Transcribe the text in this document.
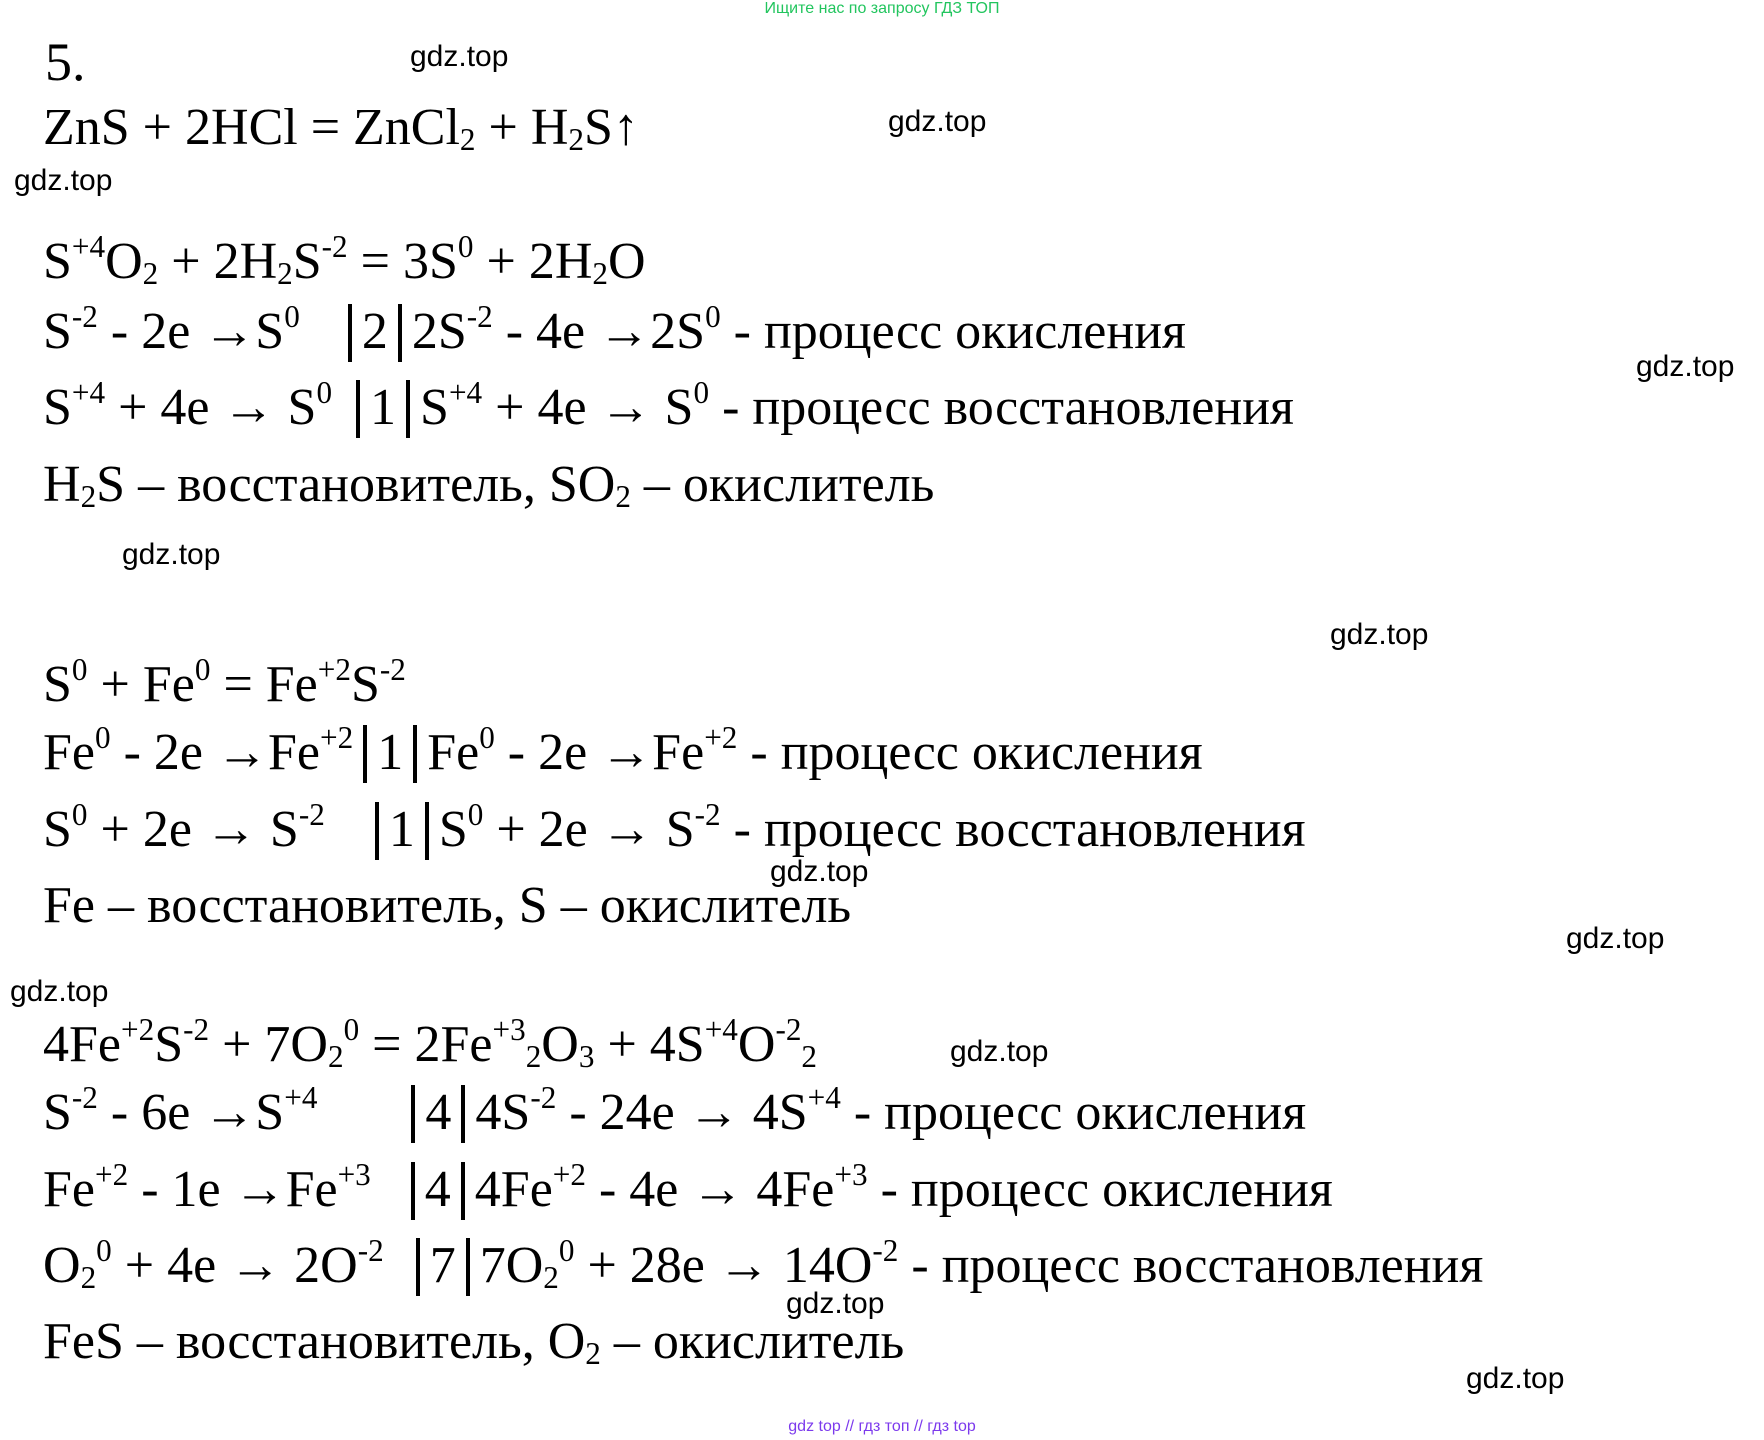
Ищите нас по запросу ГДЗ ТОП
gdz.top
gdz.top
gdz.top
gdz.top
gdz.top
gdz.top
gdz.top
gdz.top
gdz.top
gdz.top
gdz.top
gdz.top
5.
ZnS + 2HCl = ZnCl$_2$ + $H_2S↑$
$S^{+4}O_2 + 2H_2S^{-2} = 3S^0 + 2H_2O$
$S^{-2} - 2e \to S^0$ 2 $2S^{-2} - 4e \to 2S^0$ - процесс окисления
$S^{+4} + 4e \to S^0$ 1 $S^{+4} + 4e \to S^0$ - процесс восстановления
$H_2S$ – восстановитель, $SO_2$ – окислитель
$S^0 + Fe^0 = Fe^{+2}S^{-2}$
$Fe^0 - 2e \to Fe^{+2}$ 1 $Fe^0 - 2e \to Fe^{+2}$ - процесс окисления
$S^0 + 2e \to S^{-2}$ 1 $S^0 + 2e \to S^{-2}$ - процесс восстановления
Fe – восстановитель, S – окислитель
$4Fe^{+2}S^{-2} + 7O_2^0 = 2Fe^{+3}_2O_3 + 4S^{+4}O^{-2}_2$
$S^{-2} - 6e \to S^{+4}$ 4 $4S^{-2} - 24e \to 4S^{+4}$ - процесс окисления
$Fe^{+2} - 1e \to Fe^{+3}$ 4 $4Fe^{+2} - 4e \to 4Fe^{+3}$ - процесс окисления
$O_2^0 + 4e \to 2O^{-2}$ 7 $7O_2^0 + 28e \to 14O^{-2}$ - процесс восстановления
FeS – восстановитель, $O_2$ – окислитель
gdz top // гдз топ // гдз top
